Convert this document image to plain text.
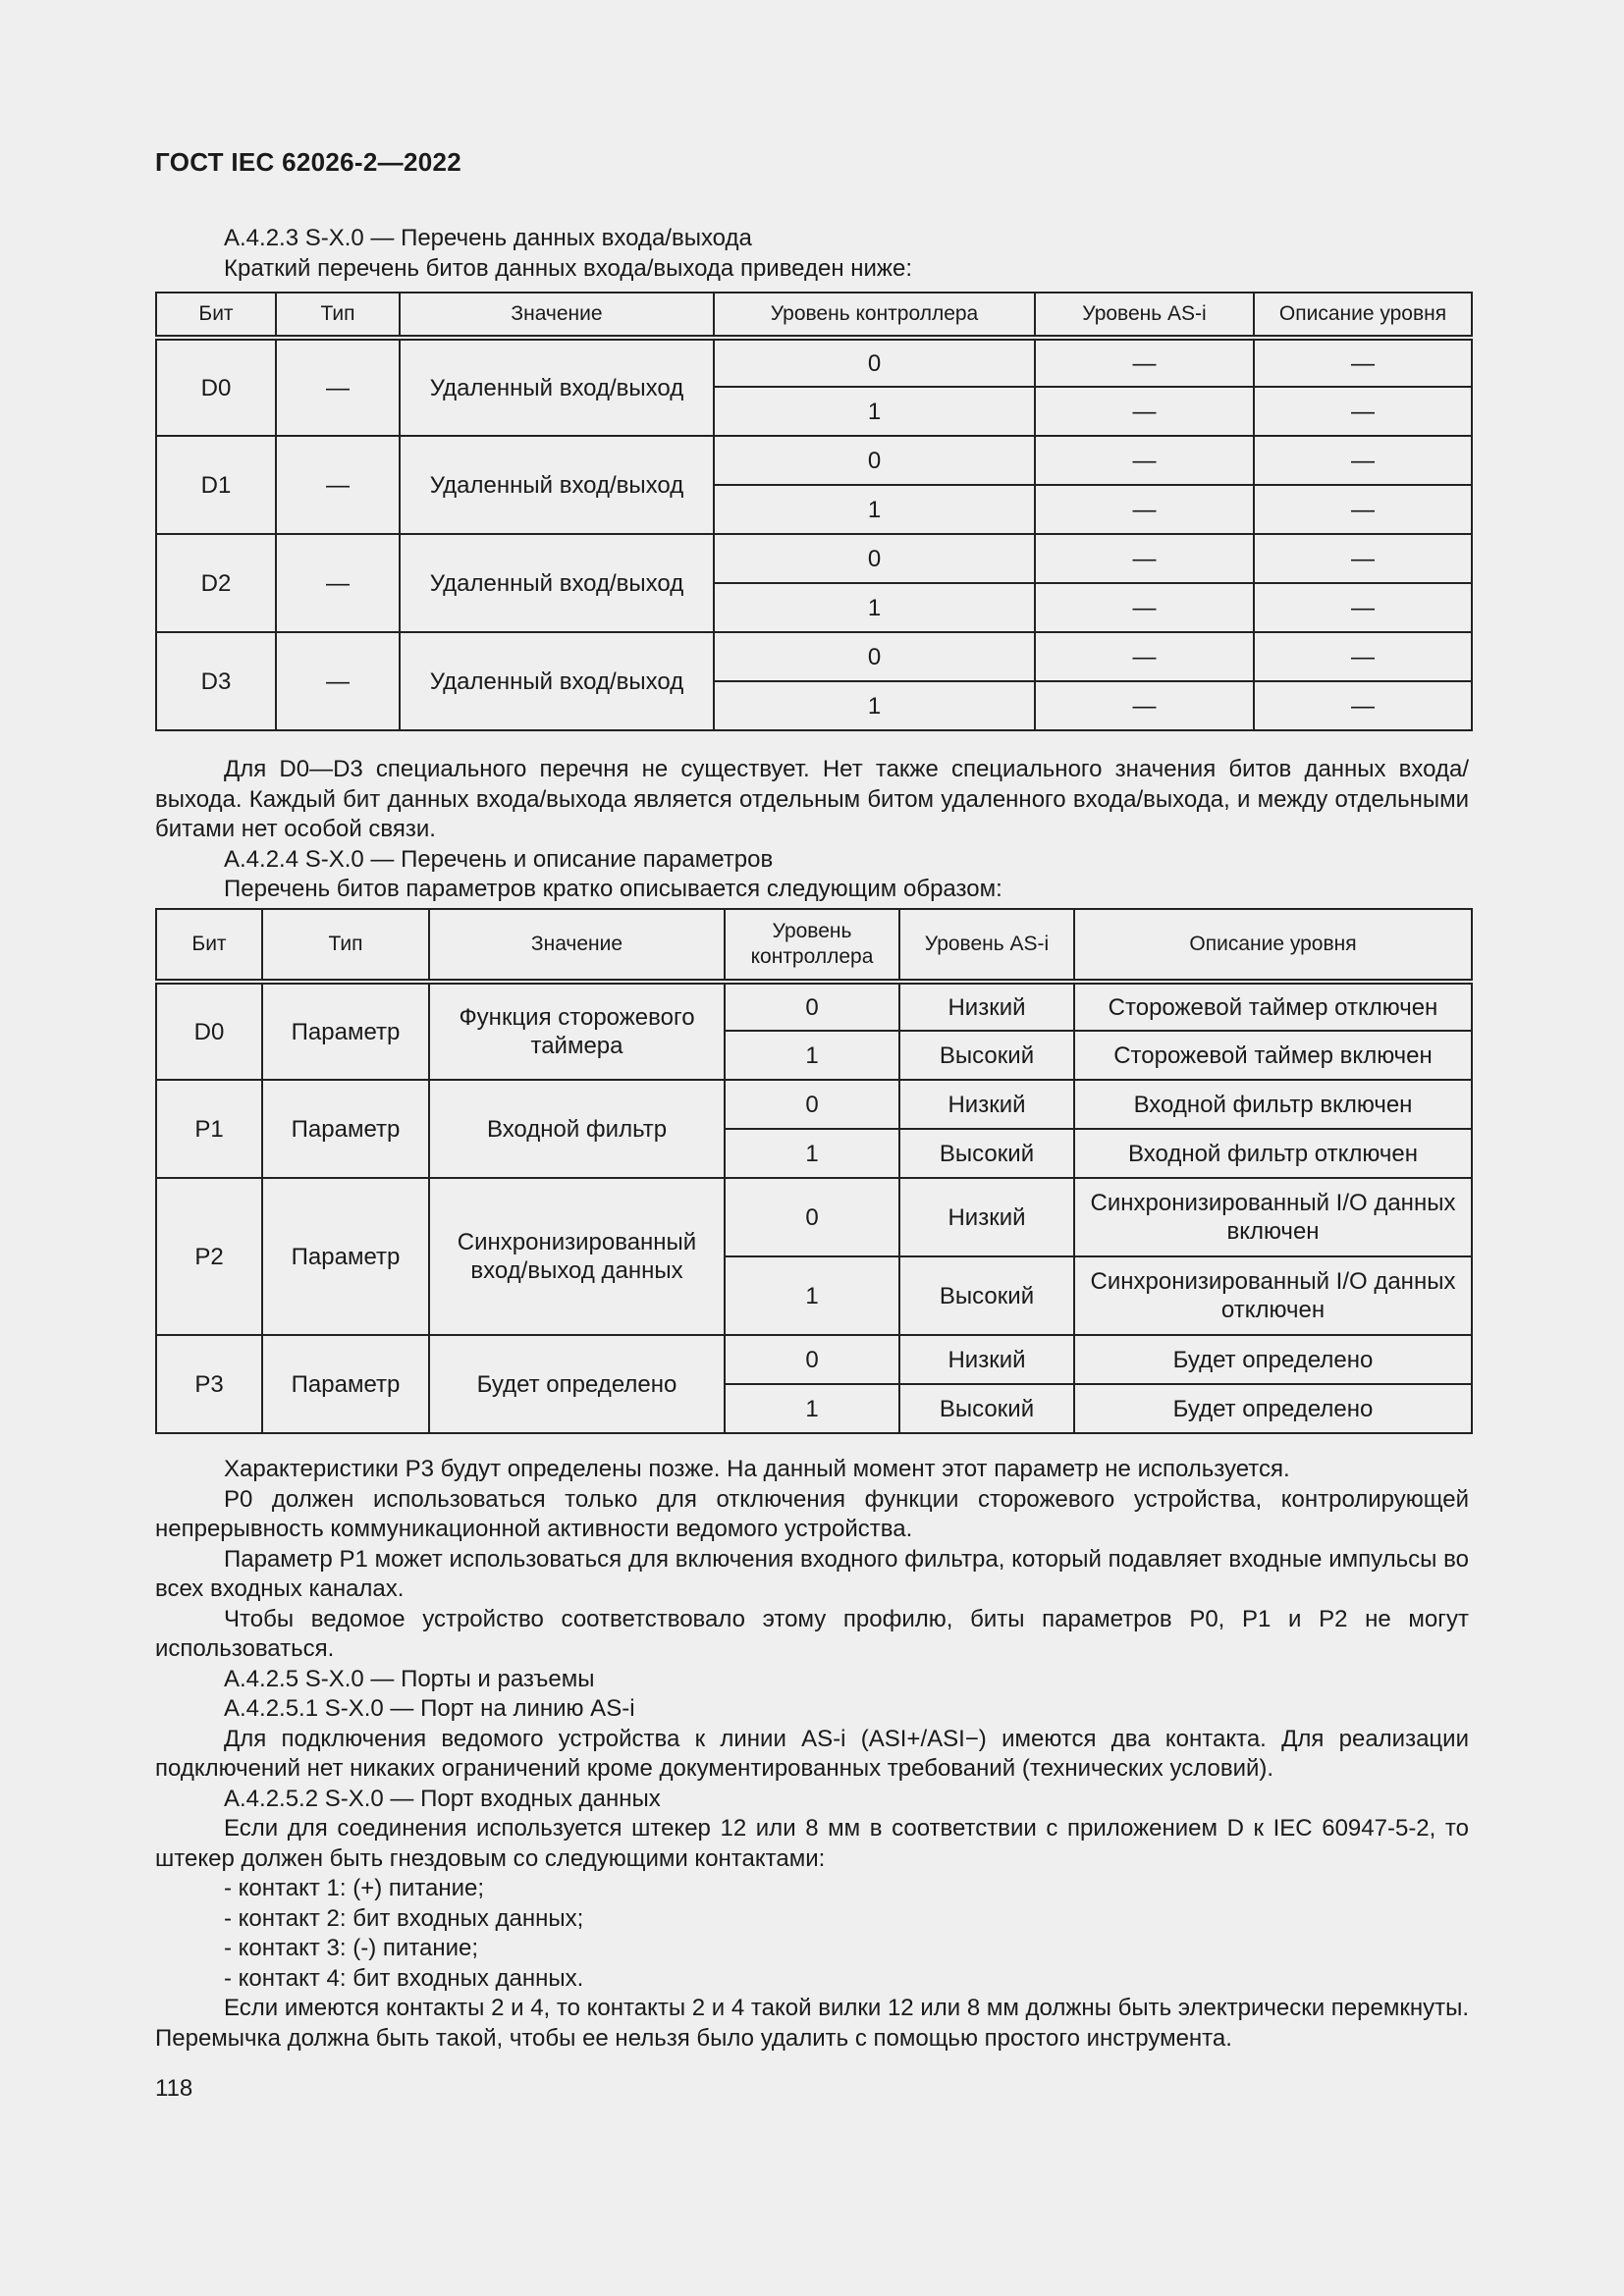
ГОСТ IEC 62026-2—2022

A.4.2.3 S-X.0 — Перечень данных входа/выхода

Краткий перечень битов данных входа/выхода приведен ниже:

Бит	Тип	Значение	Уровень контроллера	Уровень AS-i	Описание уровня
D0	—	Удаленный вход/выход	0	—	—
			1	—	—
D1	—	Удаленный вход/выход	0	—	—
			1	—	—
D2	—	Удаленный вход/выход	0	—	—
			1	—	—
D3	—	Удаленный вход/выход	0	—	—
			1	—	—

Для D0—D3 специального перечня не существует. Нет также специального значения битов данных входа/выхода. Каждый бит данных входа/выхода является отдельным битом удаленного входа/выхода, и между отдельными битами нет особой связи.

A.4.2.4 S-X.0 — Перечень и описание параметров

Перечень битов параметров кратко описывается следующим образом:

Бит	Тип	Значение	Уровень контроллера	Уровень AS-i	Описание уровня
D0	Параметр	Функция сторожевого таймера	0	Низкий	Сторожевой таймер отключен
			1	Высокий	Сторожевой таймер включен
P1	Параметр	Входной фильтр	0	Низкий	Входной фильтр включен
			1	Высокий	Входной фильтр отключен
P2	Параметр	Синхронизированный вход/выход данных	0	Низкий	Синхронизированный I/O данных включен
			1	Высокий	Синхронизированный I/O данных отключен
P3	Параметр	Будет определено	0	Низкий	Будет определено
			1	Высокий	Будет определено

Характеристики P3 будут определены позже. На данный момент этот параметр не используется.

P0 должен использоваться только для отключения функции сторожевого устройства, контролирующей непрерывность коммуникационной активности ведомого устройства.

Параметр P1 может использоваться для включения входного фильтра, который подавляет входные импульсы во всех входных каналах.

Чтобы ведомое устройство соответствовало этому профилю, биты параметров P0, P1 и P2 не могут использоваться.

A.4.2.5 S-X.0 — Порты и разъемы

A.4.2.5.1 S-X.0 — Порт на линию AS-i

Для подключения ведомого устройства к линии AS-i (ASI+/ASI−) имеются два контакта. Для реализации подключений нет никаких ограничений кроме документированных требований (технических условий).

A.4.2.5.2 S-X.0 — Порт входных данных

Если для соединения используется штекер 12 или 8 мм в соответствии с приложением D к IEC 60947-5-2, то штекер должен быть гнездовым со следующими контактами:

- контакт 1: (+) питание;

- контакт 2: бит входных данных;

- контакт 3: (-) питание;

- контакт 4: бит входных данных.

Если имеются контакты 2 и 4, то контакты 2 и 4 такой вилки 12 или 8 мм должны быть электрически перемкнуты. Перемычка должна быть такой, чтобы ее нельзя было удалить с помощью простого инструмента.

118
